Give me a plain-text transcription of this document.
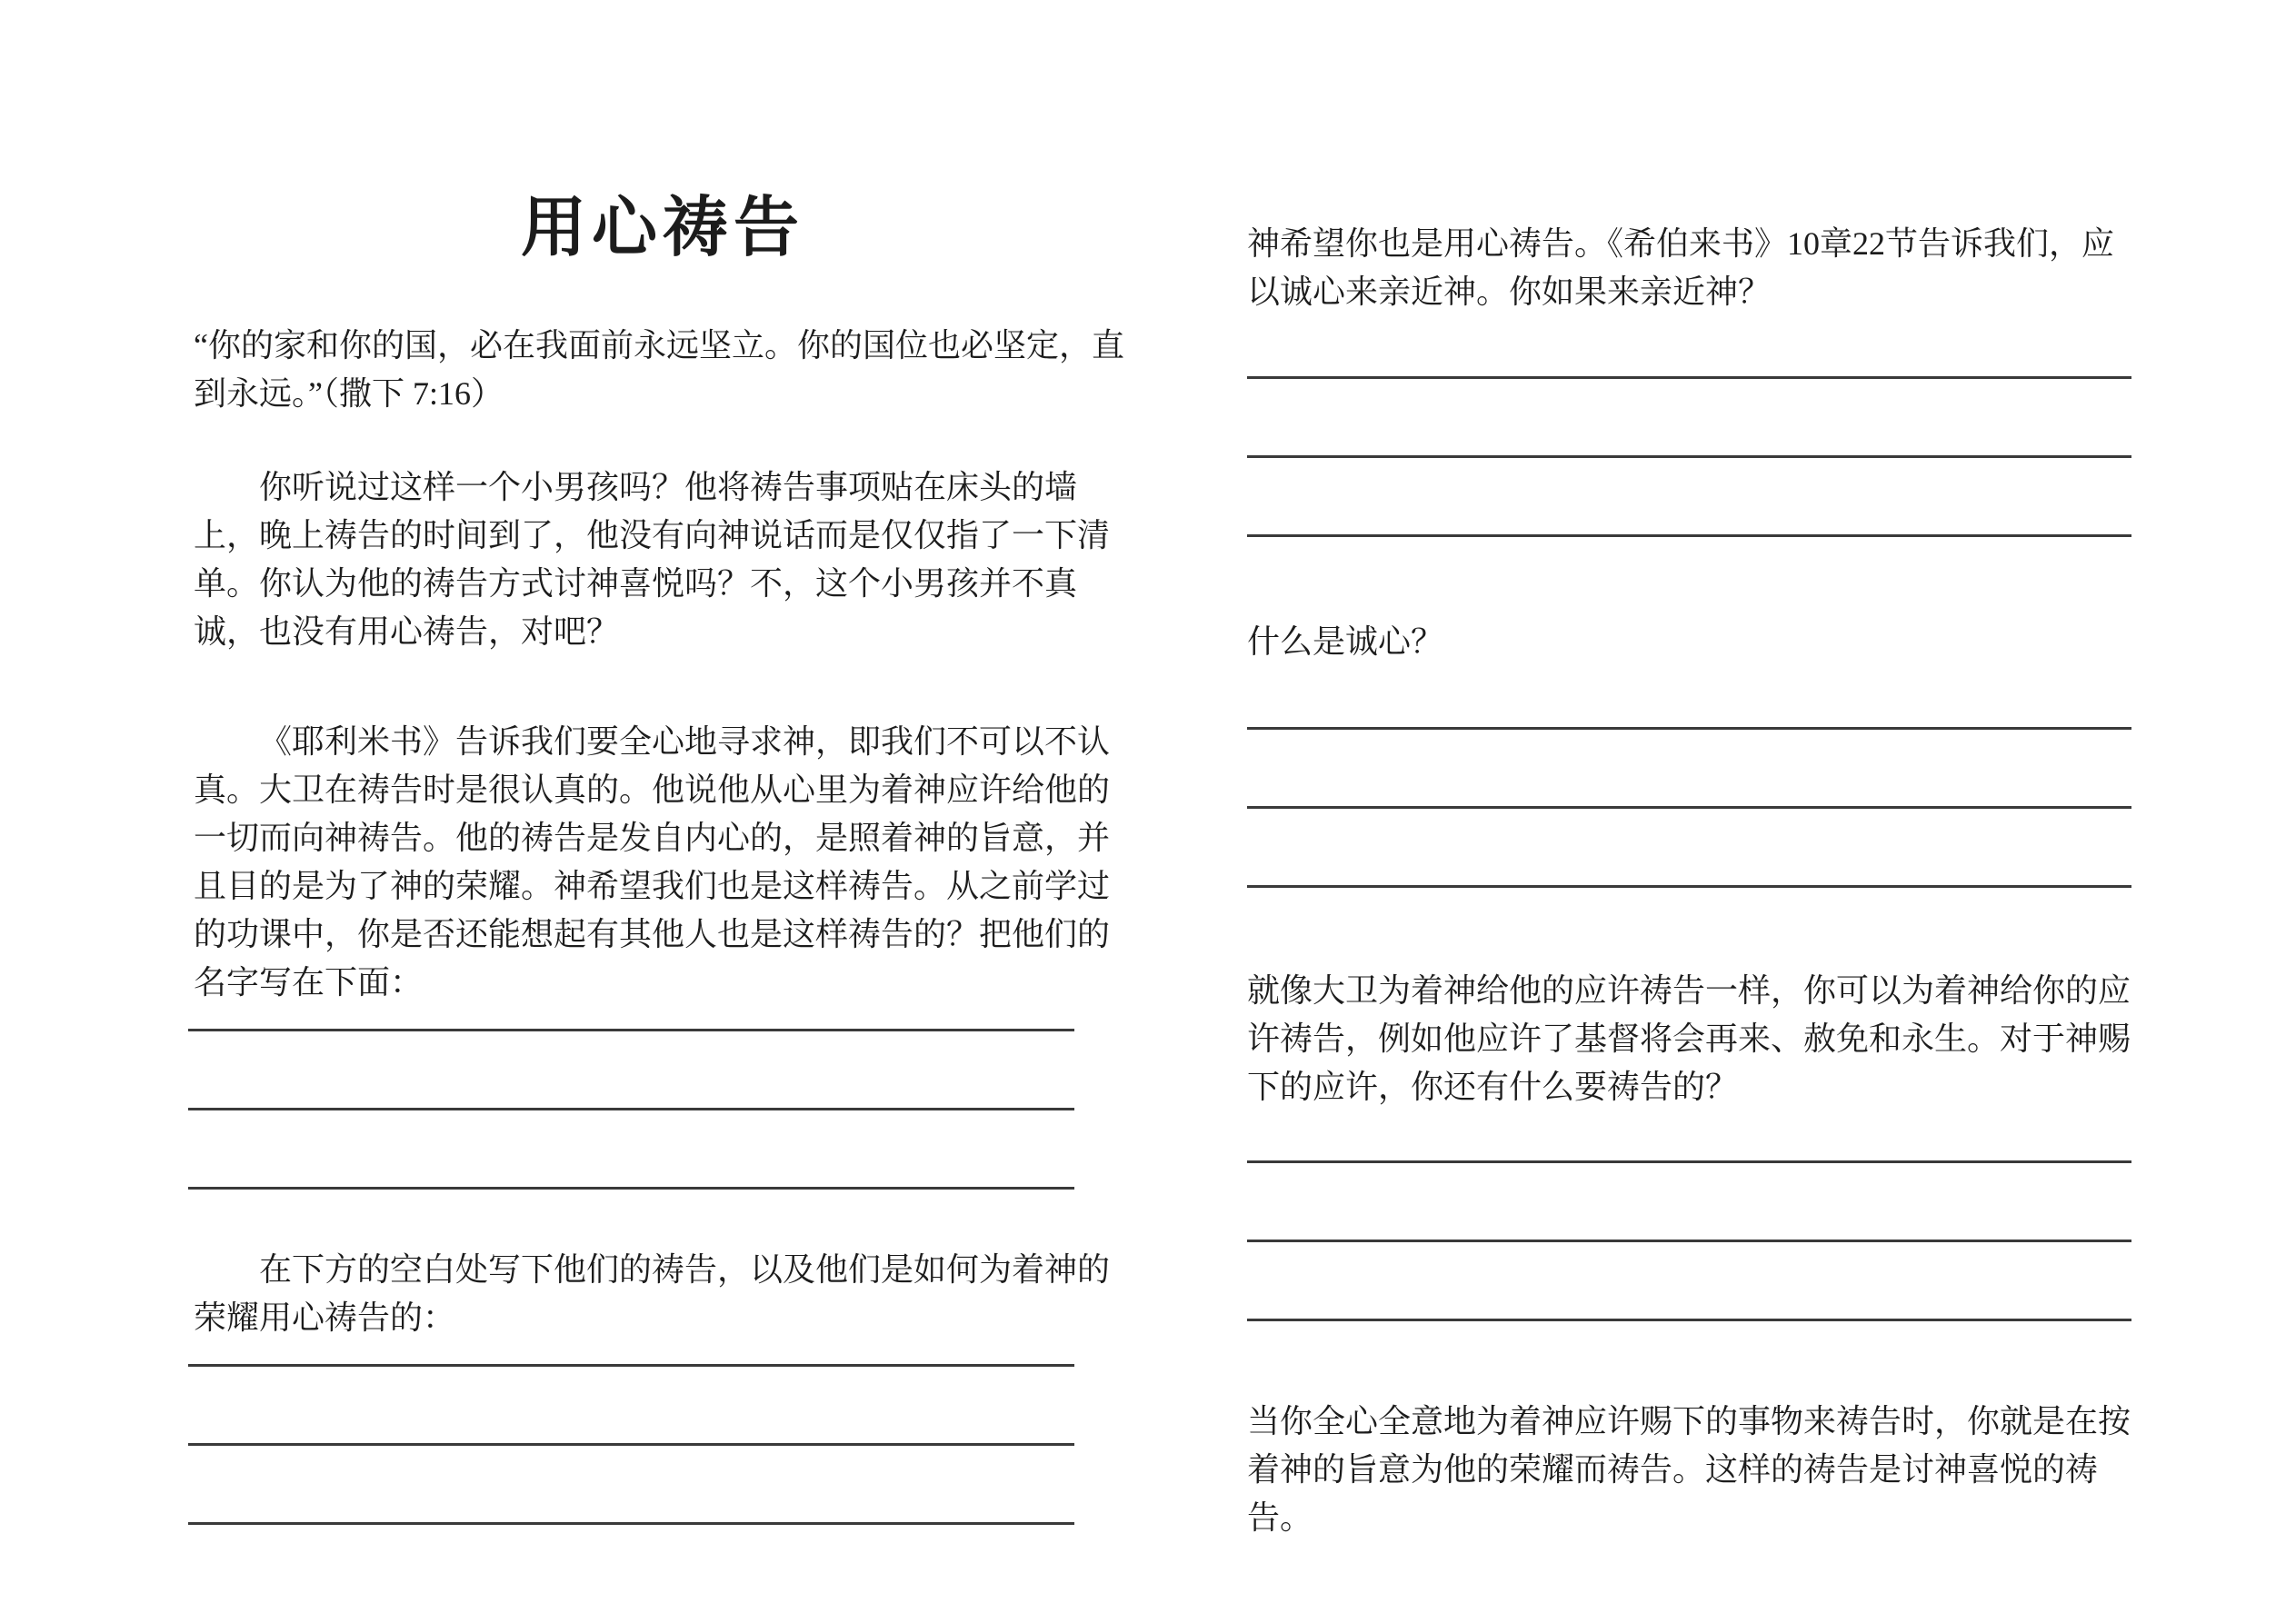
用心祷告

“你的家和你的国，必在我面前永远坚立。你的国位也必坚定，直到永远。”（撒下 7:16）

你听说过这样一个小男孩吗？他将祷告事项贴在床头的墙上，晚上祷告的时间到了，他没有向神说话而是仅仅指了一下清单。你认为他的祷告方式讨神喜悦吗？不，这个小男孩并不真诚，也没有用心祷告，对吧？

《耶利米书》告诉我们要全心地寻求神，即我们不可以不认真。大卫在祷告时是很认真的。他说他从心里为着神应许给他的一切而向神祷告。他的祷告是发自内心的，是照着神的旨意，并且目的是为了神的荣耀。神希望我们也是这样祷告。从之前学过的功课中，你是否还能想起有其他人也是这样祷告的？把他们的名字写在下面：

在下方的空白处写下他们的祷告，以及他们是如何为着神的荣耀用心祷告的：

神希望你也是用心祷告。《希伯来书》10章22节告诉我们，应以诚心来亲近神。你如果来亲近神？

什么是诚心？

就像大卫为着神给他的应许祷告一样，你可以为着神给你的应许祷告，例如他应许了基督将会再来、赦免和永生。对于神赐下的应许，你还有什么要祷告的？

当你全心全意地为着神应许赐下的事物来祷告时，你就是在按着神的旨意为他的荣耀而祷告。这样的祷告是讨神喜悦的祷告。
